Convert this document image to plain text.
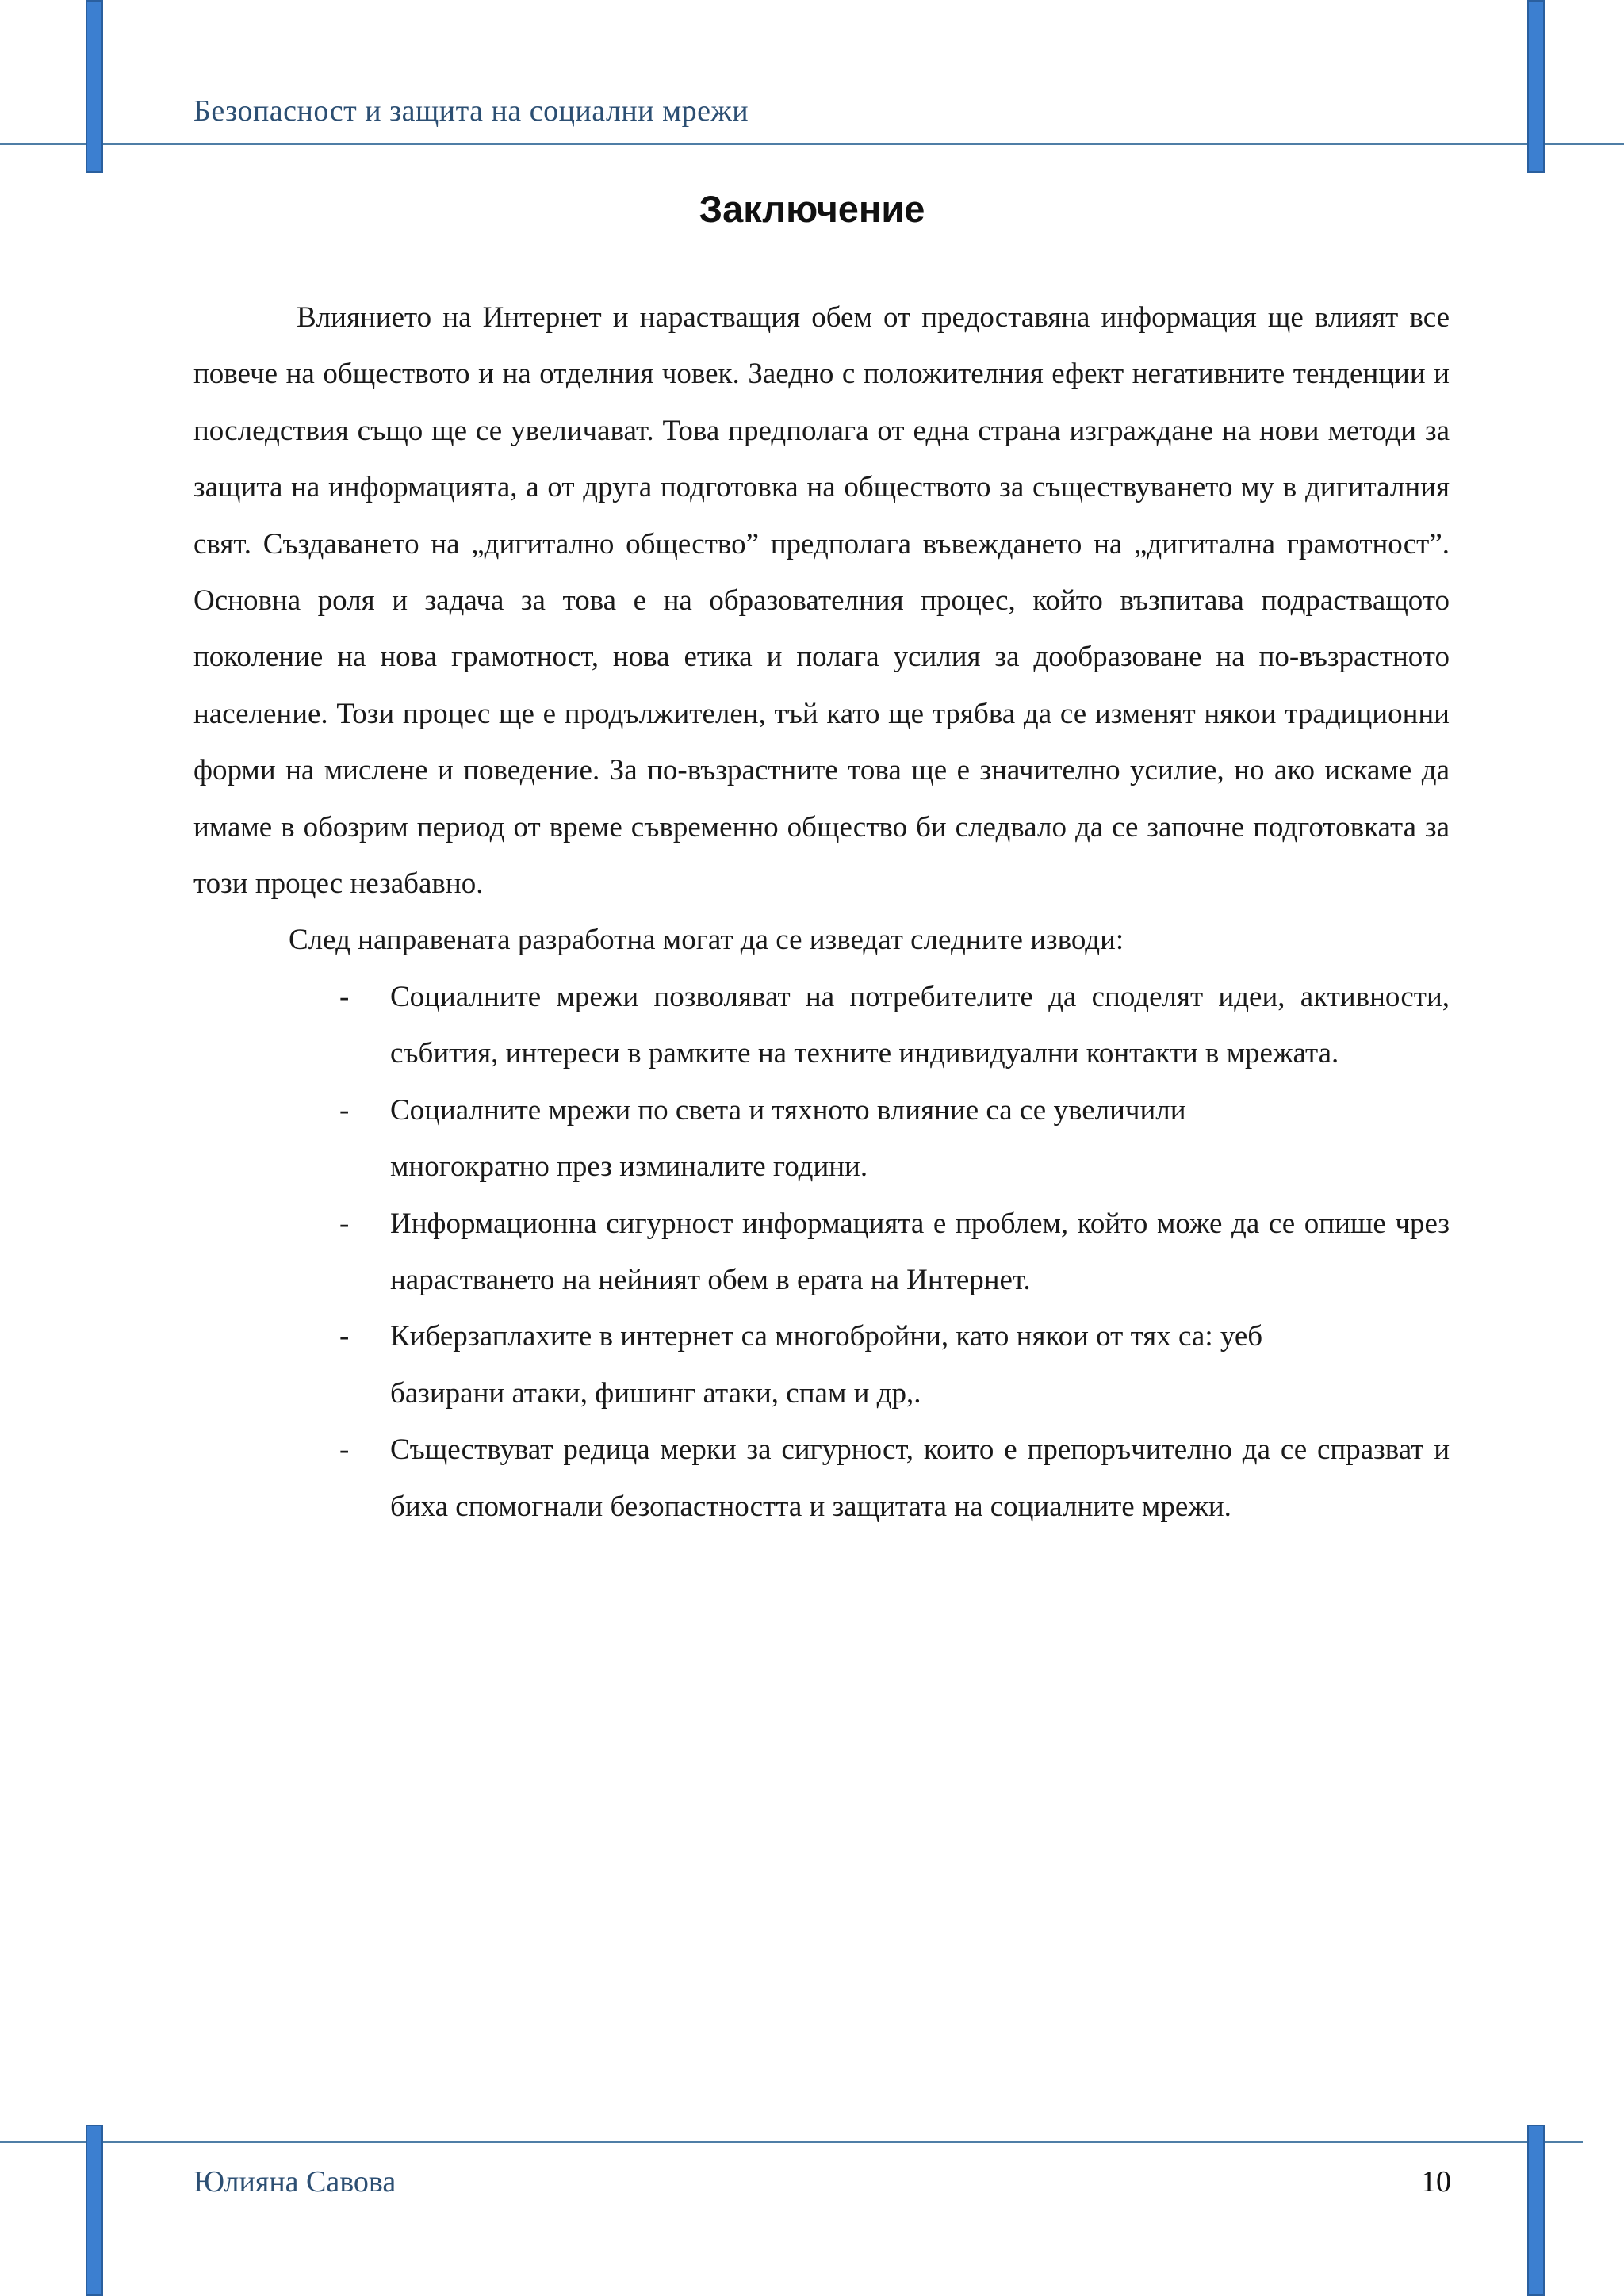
Безопасност и защита на социални мрежи
Заключение

Влиянието на Интернет и нарастващия обем от предоставяна информация ще влияят все повече на обществото и на отделния човек. Заедно с положителния ефект негативните тенденции и последствия също ще се увеличават. Това предполага от една страна изграждане на нови методи за защита на информацията, а от друга подготовка на обществото за съществуването му в дигиталния свят. Създаването на „дигитално общество” предполага въвеждането на „дигитална грамотност”. Основна роля и задача за това е на образователния процес, който възпитава подрастващото поколение на нова грамотност, нова етика и полага усилия за дообразоване на по-възрастното население. Този процес ще е продължителен, тъй като ще трябва да се изменят някои традиционни форми на мислене и поведение. За по-възрастните това ще е значително усилие, но ако искаме да имаме в обозрим период от време съвременно общество би следвало да се започне подготовката за този процес незабавно.

След направената разработна могат да се изведат следните изводи:

- Социалните мрежи позволяват на потребителите да споделят идеи, активности, събития, интереси в рамките на техните индивидуални контакти в мрежата.
- Социалните мрежи по света и тяхното влияние са се увеличили многократно през изминалите години.
- Информационна сигурност информацията е проблем, който може да се опише чрез нарастването на нейният обем в ерата на Интернет.
- Киберзаплахите в интернет са многобройни, като някои от тях са: уеб базирани атаки, фишинг атаки, спам и др,.
- Съществуват редица мерки за сигурност, които е препоръчително да се спразват и биха спомогнали безопастността и защитата на социалните мрежи.
Юлияна Савова	10
